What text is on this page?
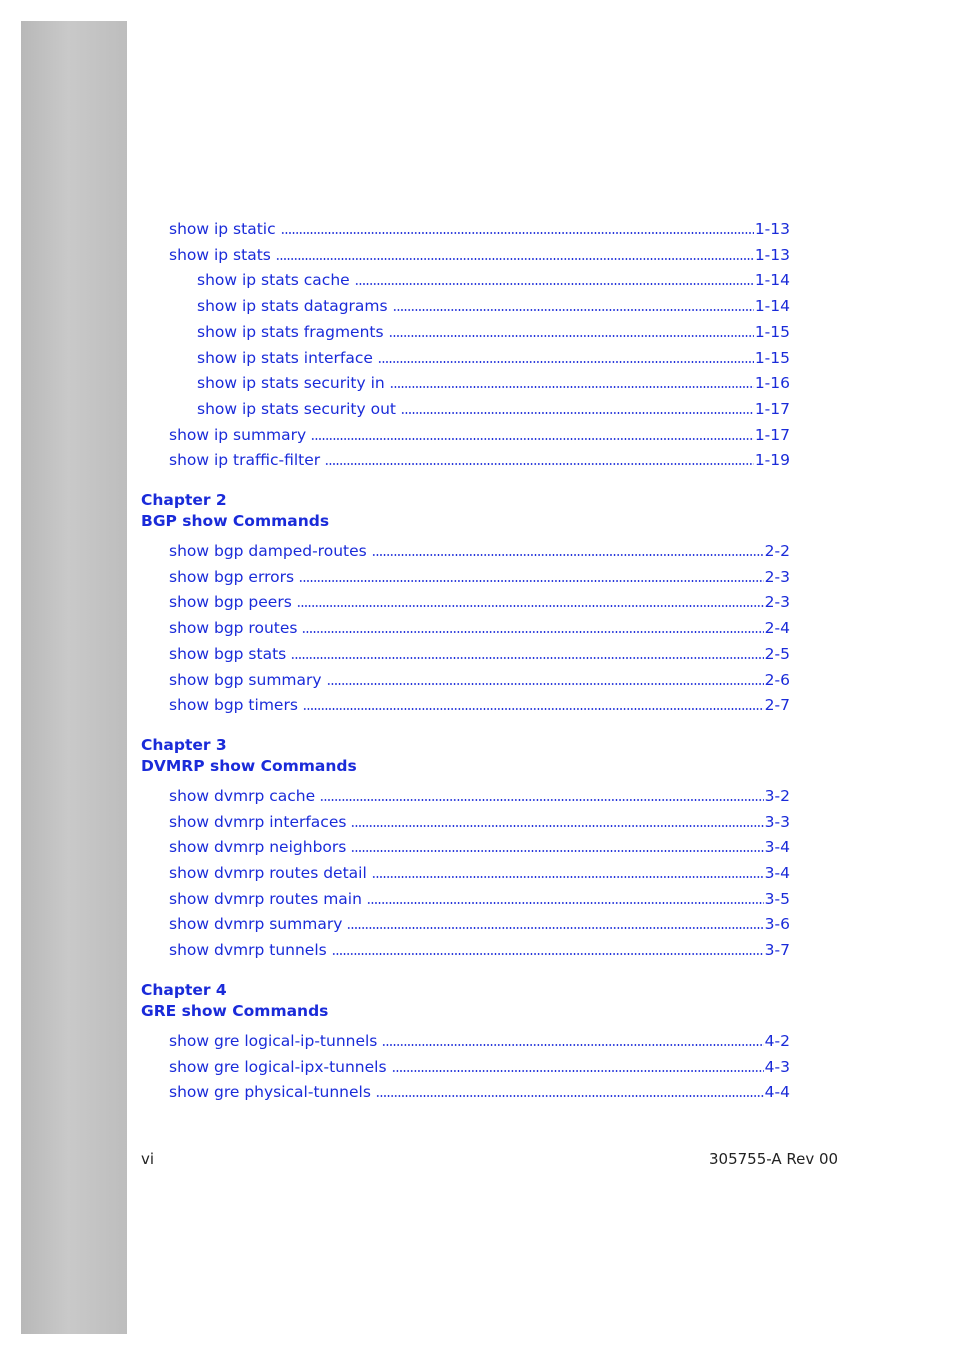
show ip static	1-13
show ip stats	1-13
show ip stats cache	1-14
show ip stats datagrams	1-14
show ip stats fragments	1-15
show ip stats interface	1-15
show ip stats security in	1-16
show ip stats security out	1-17
show ip summary	1-17
show ip traffic-filter	1-19
Chapter 2
BGP show Commands
show bgp damped-routes	2-2
show bgp errors	2-3
show bgp peers	2-3
show bgp routes	2-4
show bgp stats	2-5
show bgp summary	2-6
show bgp timers	2-7
Chapter 3
DVMRP show Commands
show dvmrp cache	3-2
show dvmrp interfaces	3-3
show dvmrp neighbors	3-4
show dvmrp routes detail	3-4
show dvmrp routes main	3-5
show dvmrp summary	3-6
show dvmrp tunnels	3-7
Chapter 4
GRE show Commands
show gre logical-ip-tunnels	4-2
show gre logical-ipx-tunnels	4-3
show gre physical-tunnels	4-4
vi	305755-A Rev 00
